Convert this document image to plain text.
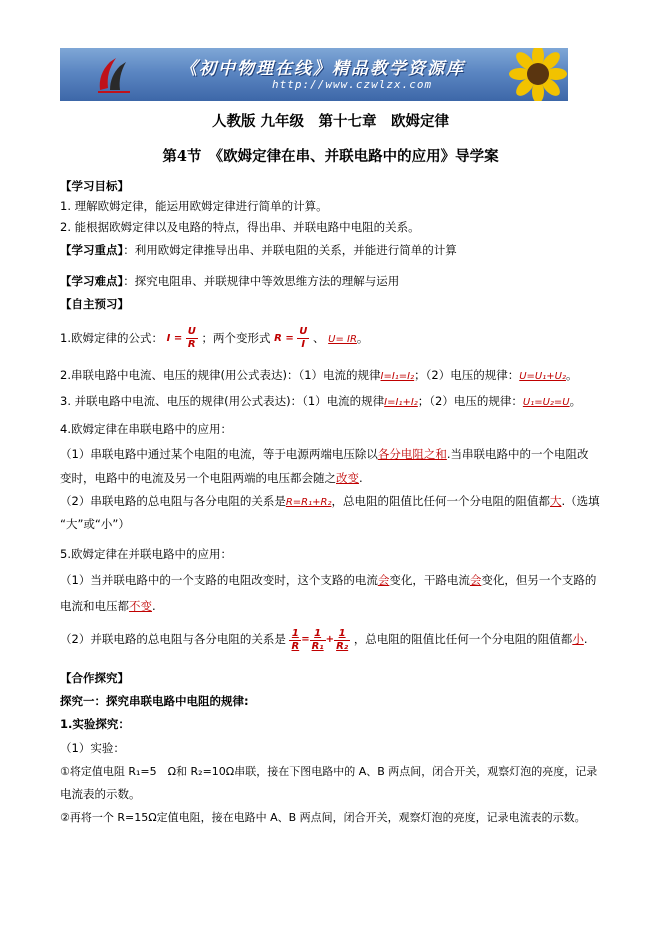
《初中物理在线》精品教学资源库
http://www.czwlzx.com
人教版 九年级　第十七章　欧姆定律
第4节　《欧姆定律在串、并联电路中的应用》导学案
【学习目标】
1. 理解欧姆定律，能运用欧姆定律进行简单的计算。
2. 能根据欧姆定律以及电路的特点，得出串、并联电路中电阻的关系。
【学习重点】：利用欧姆定律推导出串、并联电阻的关系，并能进行简单的计算
【学习难点】：探究电阻串、并联规律中等效思维方法的理解与运用
【自主预习】
1.欧姆定律的公式： $I = \frac{U}{R}$ ；两个变形式 $R = \frac{U}{I}$ 、 U= IR。
2.串联电路中电流、电压的规律(用公式表达)：（1）电流的规律I=I₁=I₂；（2）电压的规律：U=U₁+U₂。
3. 并联电路中电流、电压的规律(用公式表达)：（1）电流的规律I=I₁+I₂；（2）电压的规律：U₁=U₂=U。
4.欧姆定律在串联电路中的应用：
（1）串联电路中通过某个电阻的电流，等于电源两端电压除以各分电阻之和.当串联电路中的一个电阻改
变时，电路中的电流及另一个电阻两端的电压都会随之改变.
（2）串联电路的总电阻与各分电阻的关系是R=R₁+R₂，总电阻的阻值比任何一个分电阻的阻值都大.（选填
“大”或“小”）
5.欧姆定律在并联电路中的应用：
（1）当并联电路中的一个支路的电阻改变时，这个支路的电流会变化，干路电流会变化，但另一个支路的
电流和电压都不变.
（2）并联电路的总电阻与各分电阻的关系是 $\frac{1}{R} = \frac{1}{\text{R₁}} + \frac{1}{\text{R₂}}$ ，总电阻的阻值比任何一个分电阻的阻值都小.
【合作探究】
探究一：探究串联电路中电阻的规律:
1.实验探究：
（1）实验：
①将定值电阻 R₁=5　Ω和 R₂=10Ω串联，接在下图电路中的 A、B 两点间，闭合开关，观察灯泡的亮度，记录
电流表的示数。
②再将一个 R=15Ω定值电阻，接在电路中 A、B 两点间，闭合开关，观察灯泡的亮度，记录电流表的示数。
